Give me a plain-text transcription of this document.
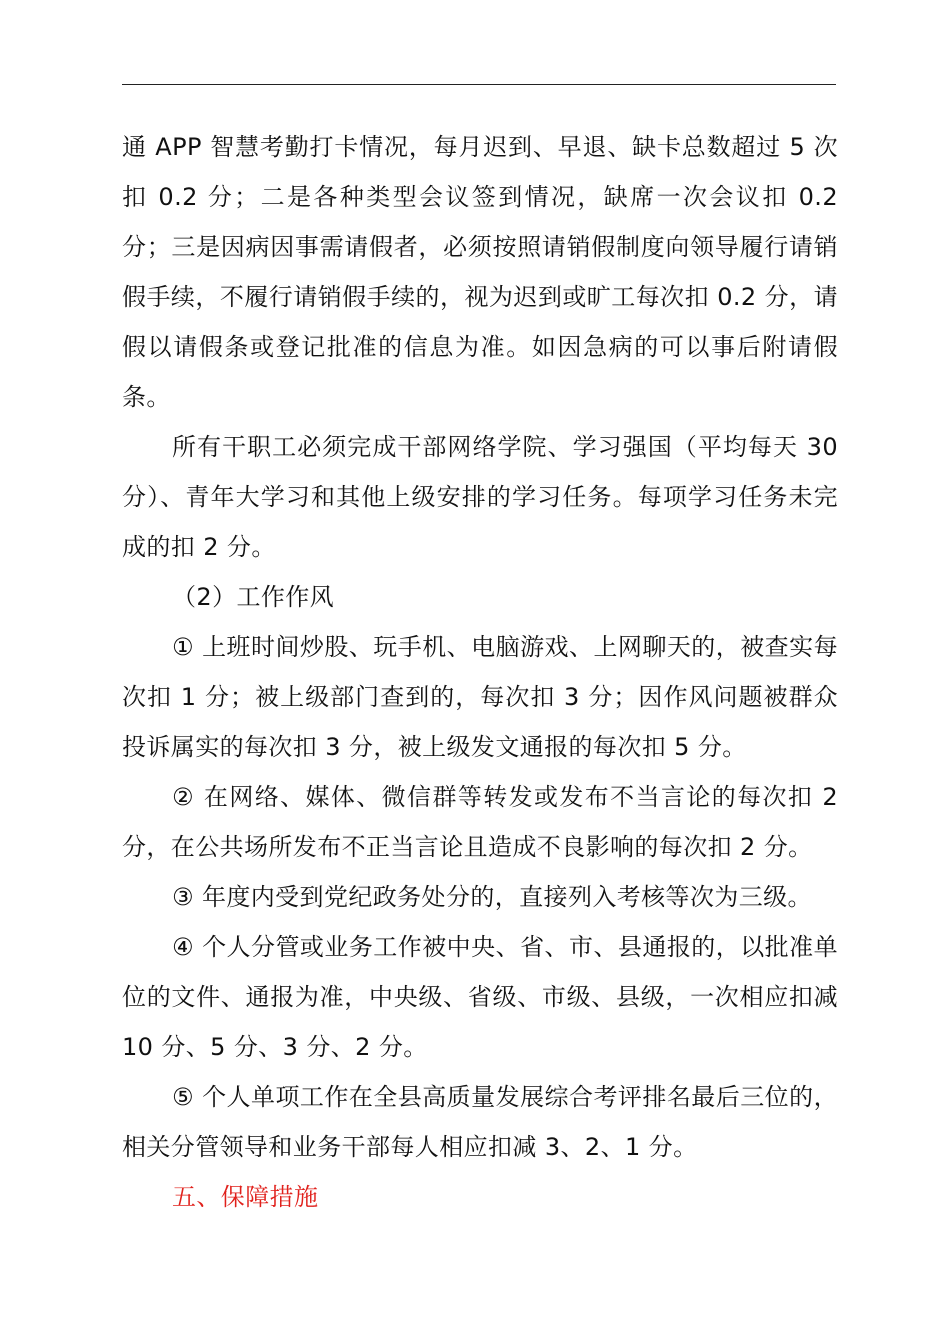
通 APP 智慧考勤打卡情况，每月迟到、早退、缺卡总数超过 5 次扣 0.2 分；二是各种类型会议签到情况，缺席一次会议扣 0.2 分；三是因病因事需请假者，必须按照请销假制度向领导履行请销假手续，不履行请销假手续的，视为迟到或旷工每次扣 0.2 分，请假以请假条或登记批准的信息为准。如因急病的可以事后附请假条。

所有干职工必须完成干部网络学院、学习强国（平均每天 30 分）、青年大学习和其他上级安排的学习任务。每项学习任务未完成的扣 2 分。

（2）工作作风

① 上班时间炒股、玩手机、电脑游戏、上网聊天的，被查实每次扣 1 分；被上级部门查到的，每次扣 3 分；因作风问题被群众投诉属实的每次扣 3 分，被上级发文通报的每次扣 5 分。

② 在网络、媒体、微信群等转发或发布不当言论的每次扣 2 分，在公共场所发布不正当言论且造成不良影响的每次扣 2 分。

③ 年度内受到党纪政务处分的，直接列入考核等次为三级。

④ 个人分管或业务工作被中央、省、市、县通报的，以批准单位的文件、通报为准，中央级、省级、市级、县级，一次相应扣减 10 分、5 分、3 分、2 分。

⑤ 个人单项工作在全县高质量发展综合考评排名最后三位的，相关分管领导和业务干部每人相应扣减 3、2、1 分。

五、保障措施
